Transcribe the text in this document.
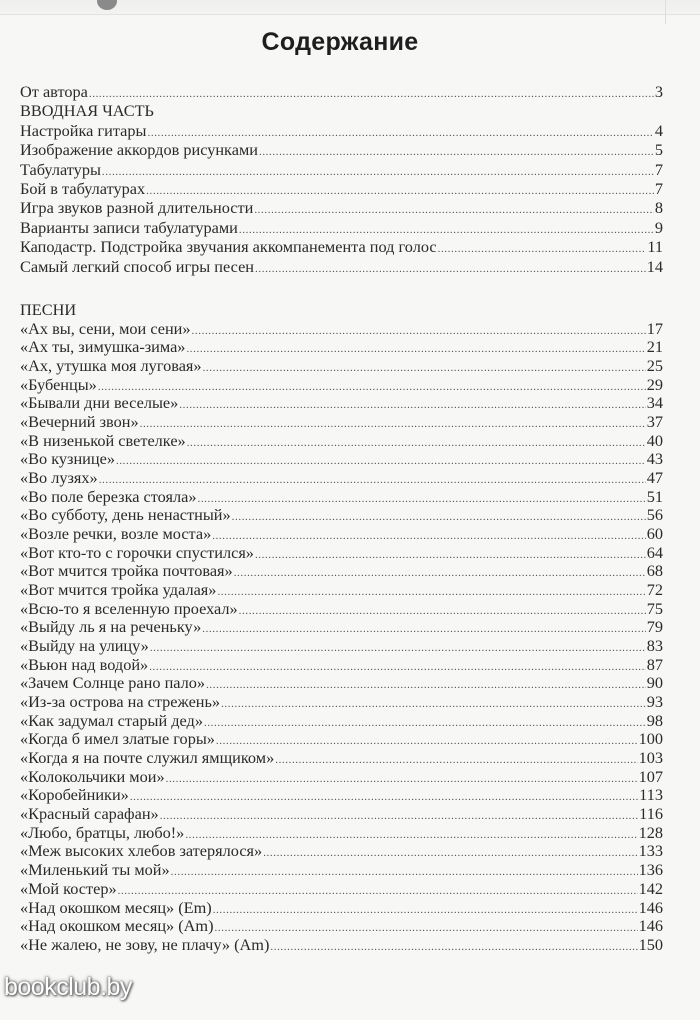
Содержание
От автора .....	3
ВВОДНАЯ ЧАСТЬ
Настройка гитары .....	4
Изображение аккордов рисунками .....	5
Табулатуры .....	7
Бой в табулатурах .....	7
Игра звуков разной длительности .....	8
Варианты записи табулатурами .....	9
Каподастр. Подстройка звучания аккомпанемента под голос .....	11
Самый легкий способ игры песен .....	14
ПЕСНИ
«Ах вы, сени, мои сени» .....	17
«Ах ты, зимушка-зима» .....	21
«Ах, утушка моя луговая» .....	25
«Бубенцы» .....	29
«Бывали дни веселые» .....	34
«Вечерний звон» .....	37
«В низенькой светелке» .....	40
«Во кузнице» .....	43
«Во лузях» .....	47
«Во поле березка стояла» .....	51
«Во субботу, день ненастный» .....	56
«Возле речки, возле моста» .....	60
«Вот кто-то с горочки спустился» .....	64
«Вот мчится тройка почтовая» .....	68
«Вот мчится тройка удалая» .....	72
«Всю-то я вселенную проехал» .....	75
«Выйду ль я на реченьку» .....	79
«Выйду на улицу» .....	83
«Вьюн над водой» .....	87
«Зачем Солнце рано пало» .....	90
«Из-за острова на стрежень» .....	93
«Как задумал старый дед» .....	98
«Когда б имел златые горы» .....	100
«Когда я на почте служил ямщиком» .....	103
«Колокольчики мои» .....	107
«Коробейники» .....	113
«Красный сарафан» .....	116
«Любо, братцы, любо!» .....	128
«Меж высоких хлебов затерялося» .....	133
«Миленький ты мой» .....	136
«Мой костер» .....	142
«Над окошком месяц» (Em) .....	146
«Над окошком месяц» (Am) .....	146
«Не жалею, не зову, не плачу» (Am) .....	150
bookclub.by
